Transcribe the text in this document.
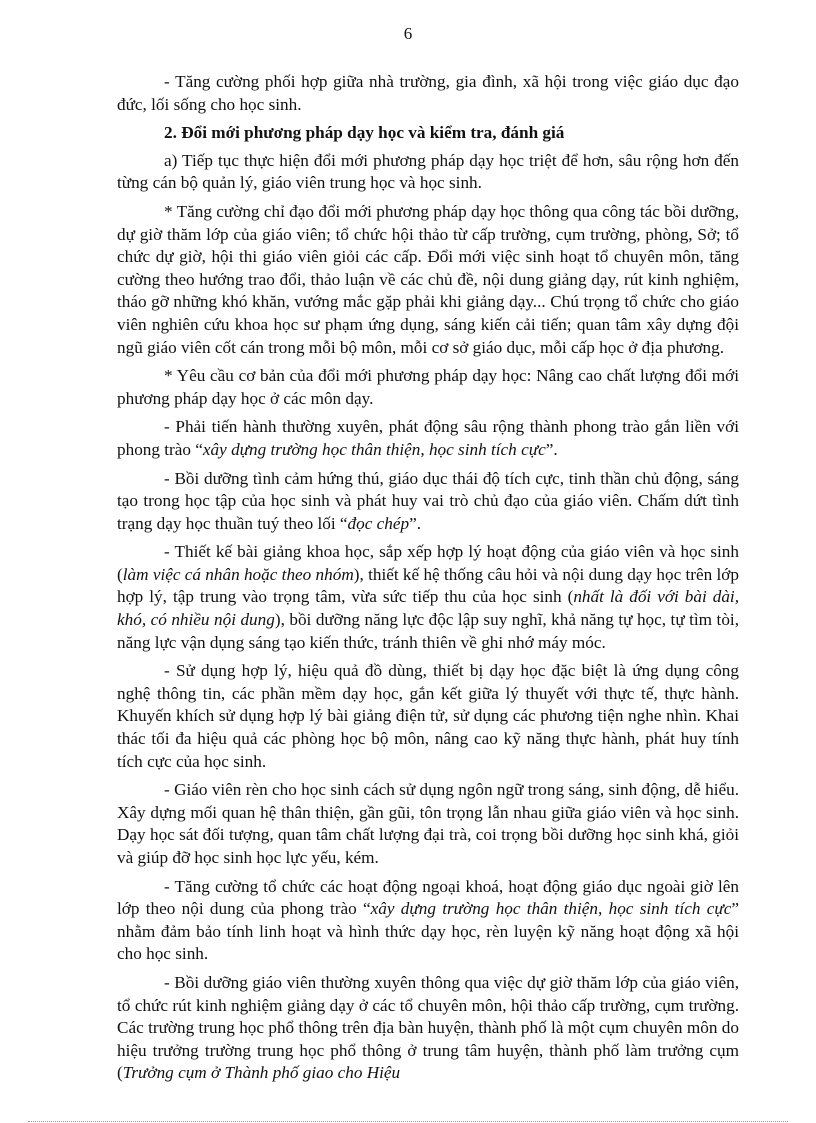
6

- Tăng cường phối hợp giữa nhà trường, gia đình, xã hội trong việc giáo dục đạo đức, lối sống cho học sinh.

2. Đổi mới phương pháp dạy học và kiểm tra, đánh giá

a) Tiếp tục thực hiện đổi mới phương pháp dạy học triệt để hơn, sâu rộng hơn đến từng cán bộ quản lý, giáo viên trung học và học sinh.

* Tăng cường chỉ đạo đổi mới phương pháp dạy học thông qua công tác bồi dưỡng, dự giờ thăm lớp của giáo viên; tổ chức hội thảo từ cấp trường, cụm trường, phòng, Sở; tổ chức dự giờ, hội thi giáo viên giỏi các cấp. Đổi mới việc sinh hoạt tổ chuyên môn, tăng cường theo hướng trao đổi, thảo luận về các chủ đề, nội dung giảng dạy, rút kinh nghiệm, tháo gỡ những khó khăn, vướng mắc gặp phải khi giảng dạy... Chú trọng tổ chức cho giáo viên nghiên cứu khoa học sư phạm ứng dụng, sáng kiến cải tiến; quan tâm xây dựng đội ngũ giáo viên cốt cán trong mỗi bộ môn, mỗi cơ sở giáo dục, mỗi cấp học ở địa phương.

* Yêu cầu cơ bản của đổi mới phương pháp dạy học: Nâng cao chất lượng đổi mới phương pháp dạy học ở các môn dạy.

- Phải tiến hành thường xuyên, phát động sâu rộng thành phong trào gắn liền với phong trào “xây dựng trường học thân thiện, học sinh tích cực”.

- Bồi dưỡng tình cảm hứng thú, giáo dục thái độ tích cực, tinh thần chủ động, sáng tạo trong học tập của học sinh và phát huy vai trò chủ đạo của giáo viên. Chấm dứt tình trạng dạy học thuần tuý theo lối “đọc chép”.

- Thiết kế bài giảng khoa học, sắp xếp hợp lý hoạt động của giáo viên và học sinh (làm việc cá nhân hoặc theo nhóm), thiết kế hệ thống câu hỏi và nội dung dạy học trên lớp hợp lý, tập trung vào trọng tâm, vừa sức tiếp thu của học sinh (nhất là đối với bài dài, khó, có nhiều nội dung), bồi dưỡng năng lực độc lập suy nghĩ, khả năng tự học, tự tìm tòi, năng lực vận dụng sáng tạo kiến thức, tránh thiên về ghi nhớ máy móc.

- Sử dụng hợp lý, hiệu quả đồ dùng, thiết bị dạy học đặc biệt là ứng dụng công nghệ thông tin, các phần mềm dạy học, gắn kết giữa lý thuyết với thực tế, thực hành. Khuyến khích sử dụng hợp lý bài giảng điện tử, sử dụng các phương tiện nghe nhìn. Khai thác tối đa hiệu quả các phòng học bộ môn, nâng cao kỹ năng thực hành, phát huy tính tích cực của học sinh.

- Giáo viên rèn cho học sinh cách sử dụng ngôn ngữ trong sáng, sinh động, dễ hiểu. Xây dựng mối quan hệ thân thiện, gần gũi, tôn trọng lẫn nhau giữa giáo viên và học sinh. Dạy học sát đối tượng, quan tâm chất lượng đại trà, coi trọng bồi dưỡng học sinh khá, giỏi và giúp đỡ học sinh học lực yếu, kém.

- Tăng cường tổ chức các hoạt động ngoại khoá, hoạt động giáo dục ngoài giờ lên lớp theo nội dung của phong trào “xây dựng trường học thân thiện, học sinh tích cực” nhằm đảm bảo tính linh hoạt và hình thức dạy học, rèn luyện kỹ năng hoạt động xã hội cho học sinh.

- Bồi dưỡng giáo viên thường xuyên thông qua việc dự giờ thăm lớp của giáo viên, tổ chức rút kinh nghiệm giảng dạy ở các tổ chuyên môn, hội thảo cấp trường, cụm trường. Các trường trung học phổ thông trên địa bàn huyện, thành phố là một cụm chuyên môn do hiệu trưởng trường trung học phổ thông ở trung tâm huyện, thành phố làm trưởng cụm (Trưởng cụm ở Thành phố giao cho Hiệu
